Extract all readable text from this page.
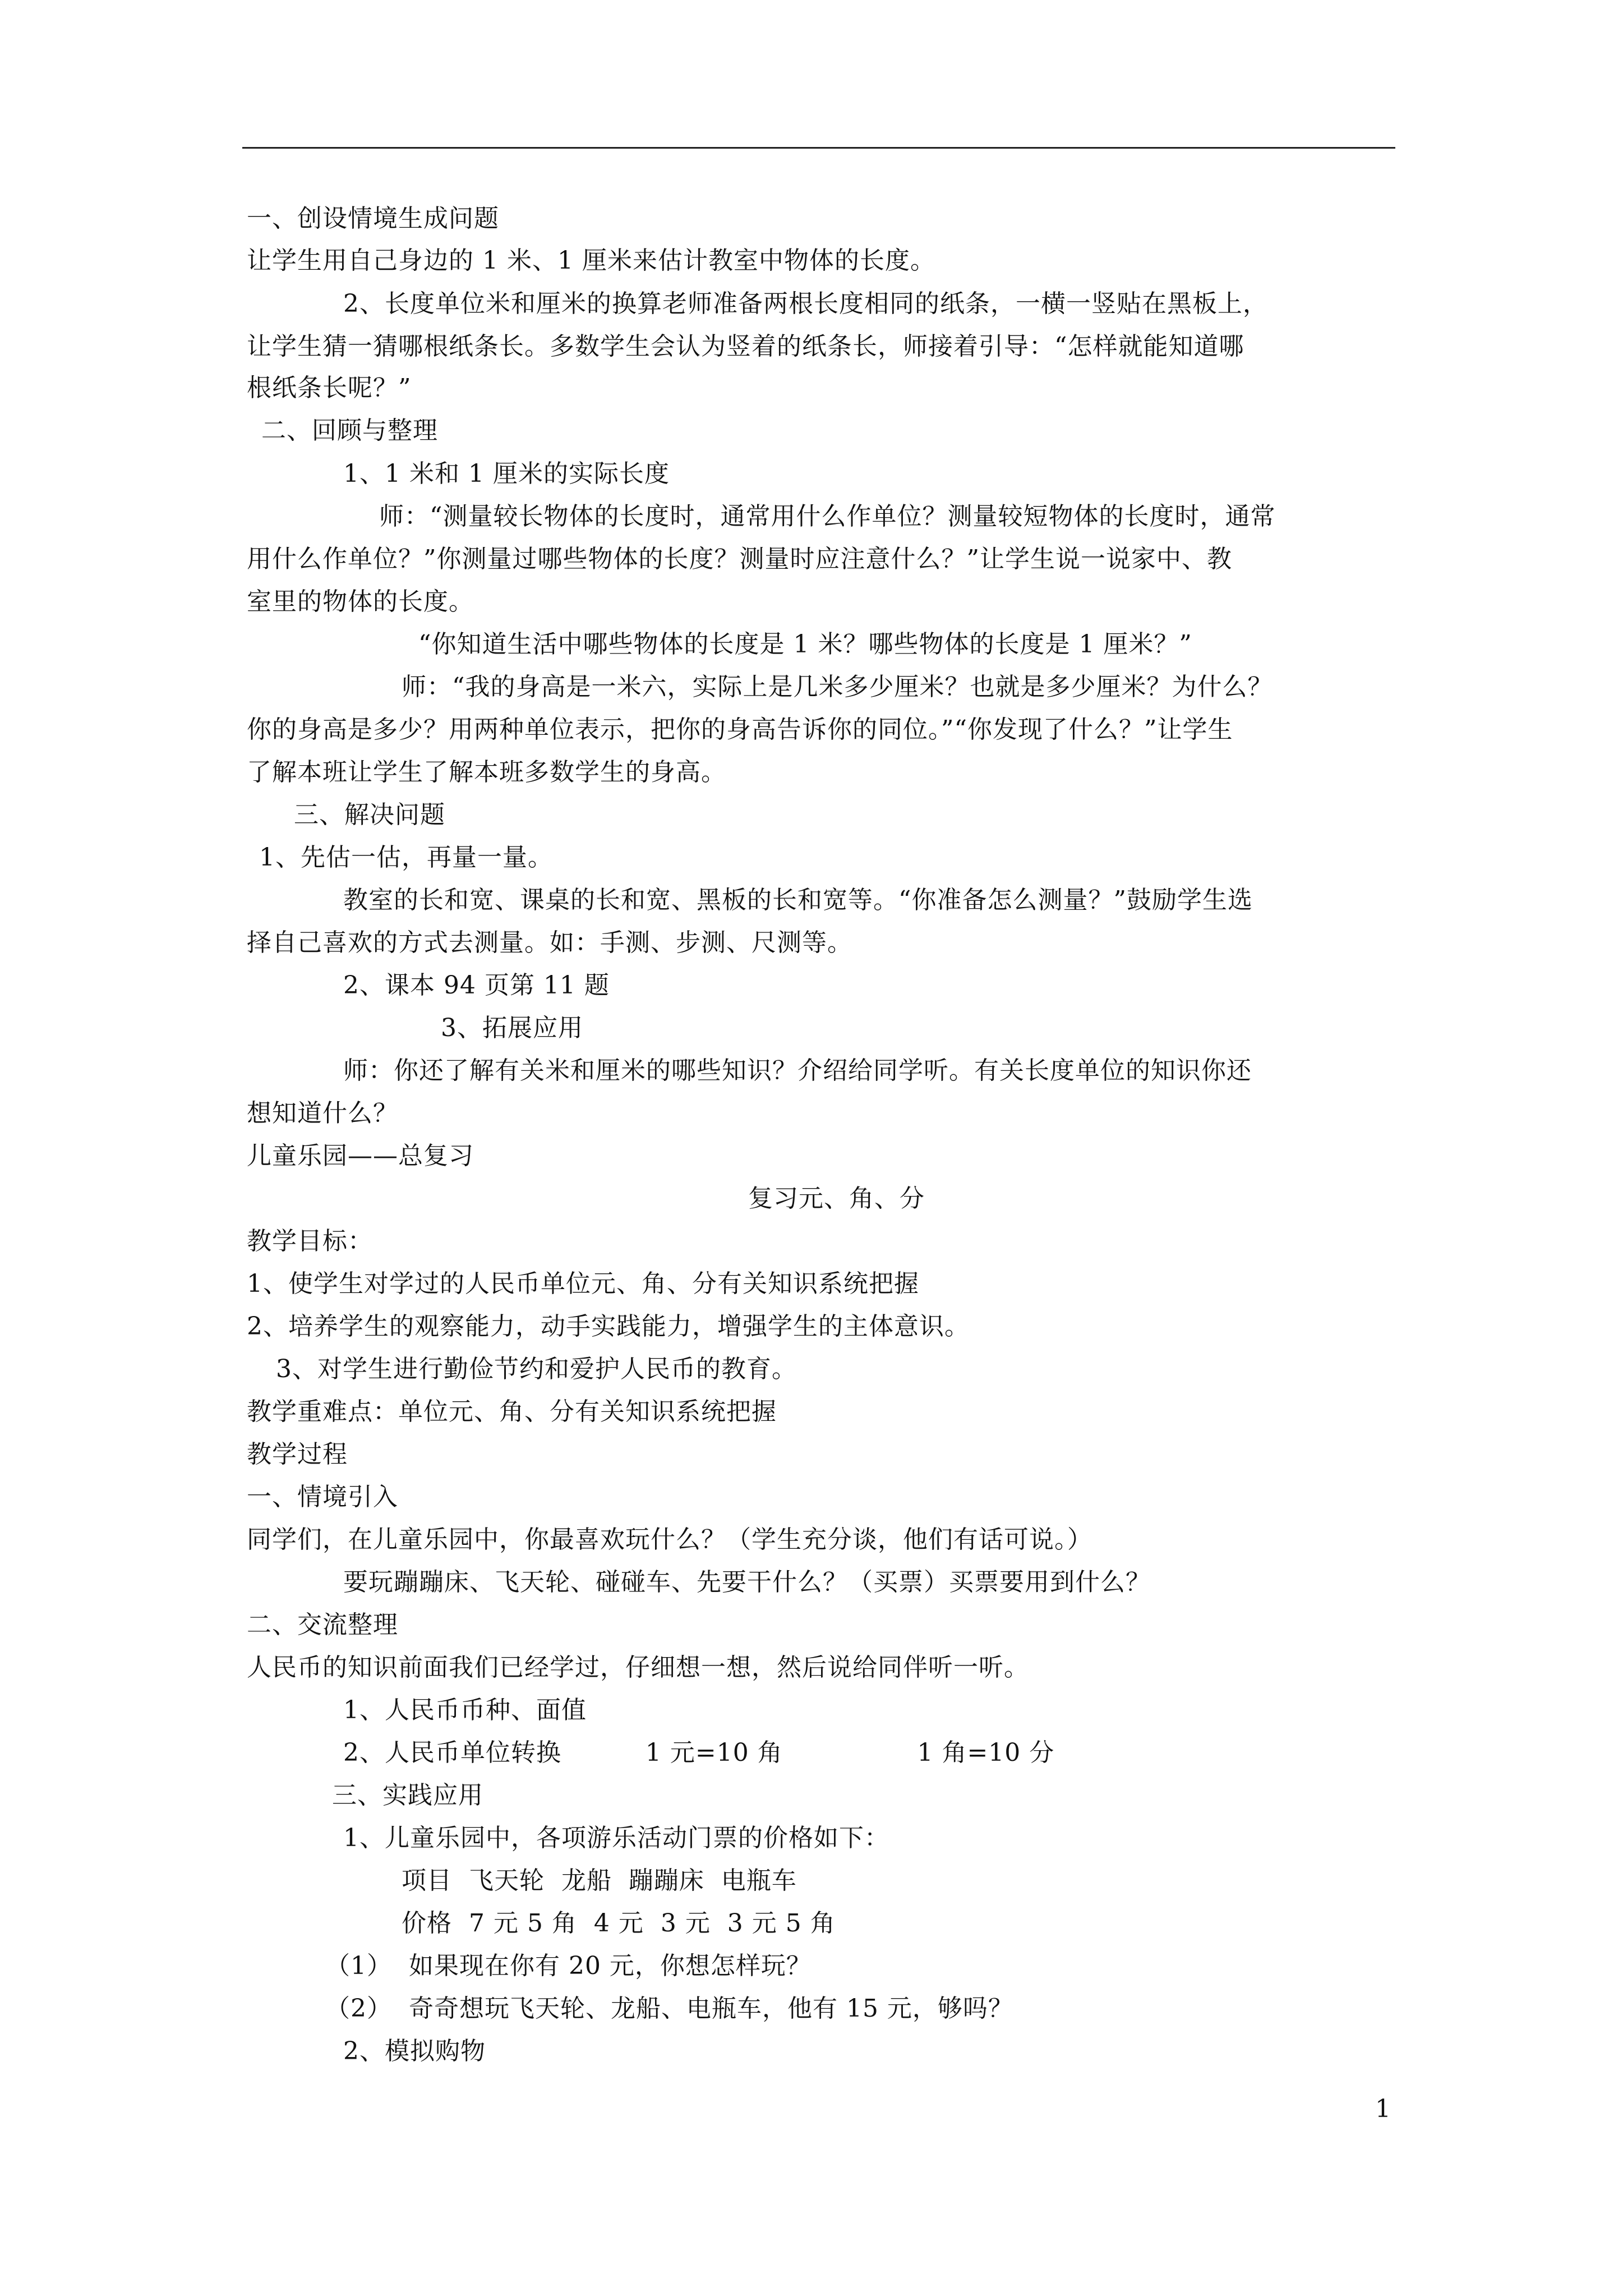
一、创设情境生成问题
让学生用自己身边的 1 米、1 厘米来估计教室中物体的长度。
2、长度单位米和厘米的换算老师准备两根长度相同的纸条，一横一竖贴在黑板上，
让学生猜一猜哪根纸条长。多数学生会认为竖着的纸条长，师接着引导：“怎样就能知道哪
根纸条长呢？”
二、回顾与整理
1、1 米和 1 厘米的实际长度
师：“测量较长物体的长度时，通常用什么作单位？测量较短物体的长度时，通常
用什么作单位？”你测量过哪些物体的长度？测量时应注意什么？”让学生说一说家中、教
室里的物体的长度。
“你知道生活中哪些物体的长度是 1 米？哪些物体的长度是 1 厘米？”
师：“我的身高是一米六，实际上是几米多少厘米？也就是多少厘米？为什么？
你的身高是多少？用两种单位表示，把你的身高告诉你的同位。”“你发现了什么？”让学生
了解本班让学生了解本班多数学生的身高。
三、解决问题
1、先估一估，再量一量。
教室的长和宽、课桌的长和宽、黑板的长和宽等。“你准备怎么测量？”鼓励学生选
择自己喜欢的方式去测量。如：手测、步测、尺测等。
2、课本 94 页第 11 题
3、拓展应用
师：你还了解有关米和厘米的哪些知识？介绍给同学听。有关长度单位的知识你还
想知道什么？
儿童乐园——总复习
复习元、角、分
教学目标：
1、使学生对学过的人民币单位元、角、分有关知识系统把握
2、培养学生的观察能力，动手实践能力，增强学生的主体意识。
3、对学生进行勤俭节约和爱护人民币的教育。
教学重难点：单位元、角、分有关知识系统把握
教学过程
一、情境引入
同学们，在儿童乐园中，你最喜欢玩什么？（学生充分谈，他们有话可说。）
要玩蹦蹦床、飞天轮、碰碰车、先要干什么？（买票）买票要用到什么？
二、交流整理
人民币的知识前面我们已经学过，仔细想一想，然后说给同伴听一听。
1、人民币币种、面值
2、人民币单位转换          1 元=10 角                1 角=10 分
三、实践应用
1、儿童乐园中，各项游乐活动门票的价格如下：
项目  飞天轮  龙船  蹦蹦床  电瓶车
价格  7 元 5 角  4 元  3 元  3 元 5 角
（1）  如果现在你有 20 元，你想怎样玩？
（2）  奇奇想玩飞天轮、龙船、电瓶车，他有 15 元，够吗？
2、模拟购物
1
